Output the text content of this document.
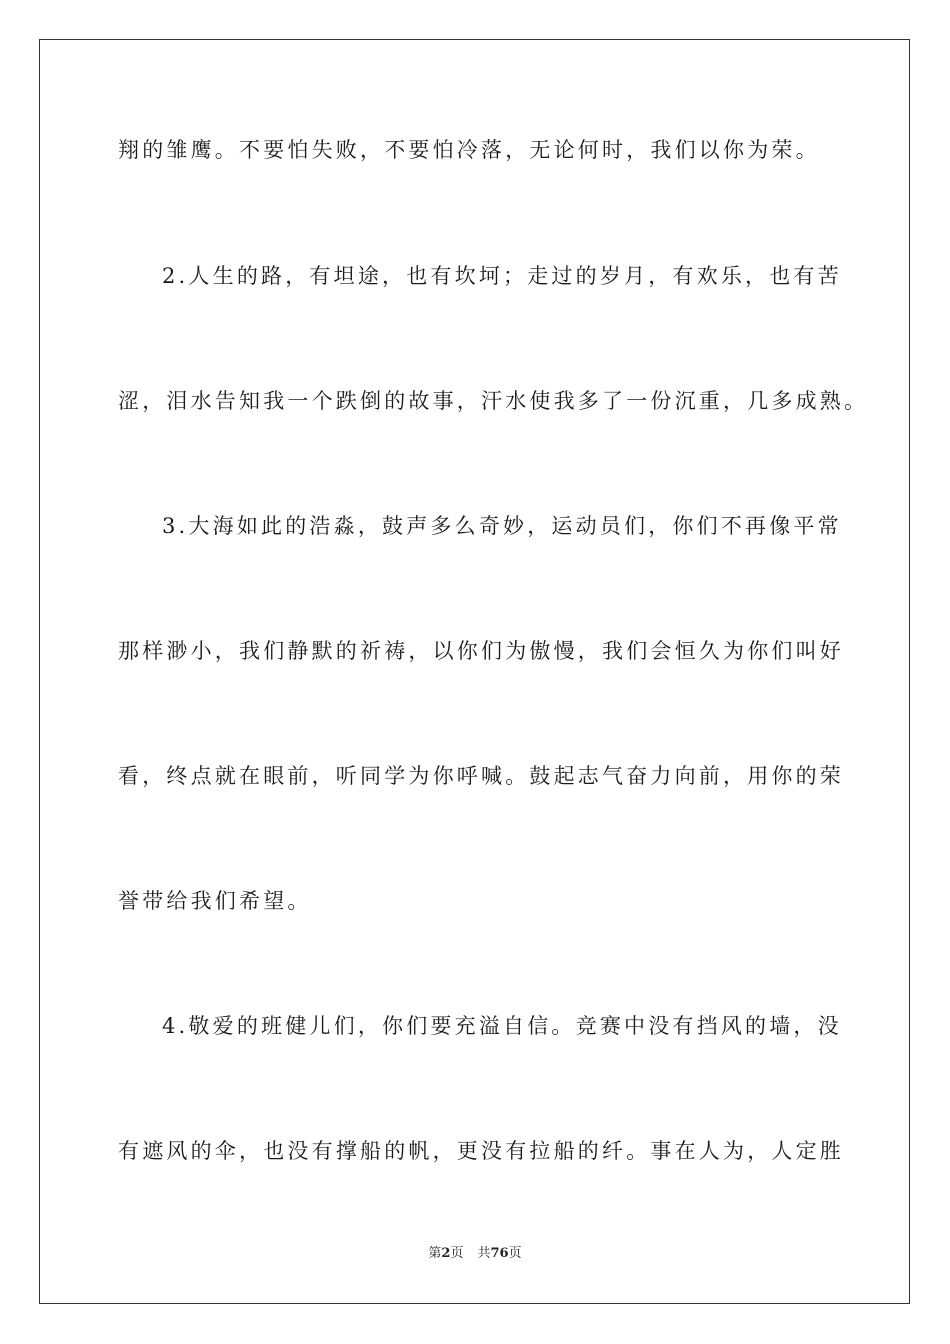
翔的雏鹰。不要怕失败，不要怕冷落，无论何时，我们以你为荣。
2.人生的路，有坦途，也有坎坷；走过的岁月，有欢乐，也有苦
涩，泪水告知我一个跌倒的故事，汗水使我多了一份沉重，几多成熟。
3.大海如此的浩淼，鼓声多么奇妙，运动员们，你们不再像平常
那样渺小，我们静默的祈祷，以你们为傲慢，我们会恒久为你们叫好
看，终点就在眼前，听同学为你呼喊。鼓起志气奋力向前，用你的荣
誉带给我们希望。
4.敬爱的班健儿们，你们要充溢自信。竞赛中没有挡风的墙，没
有遮风的伞，也没有撑船的帆，更没有拉船的纤。事在人为，人定胜
第2页 共76页
